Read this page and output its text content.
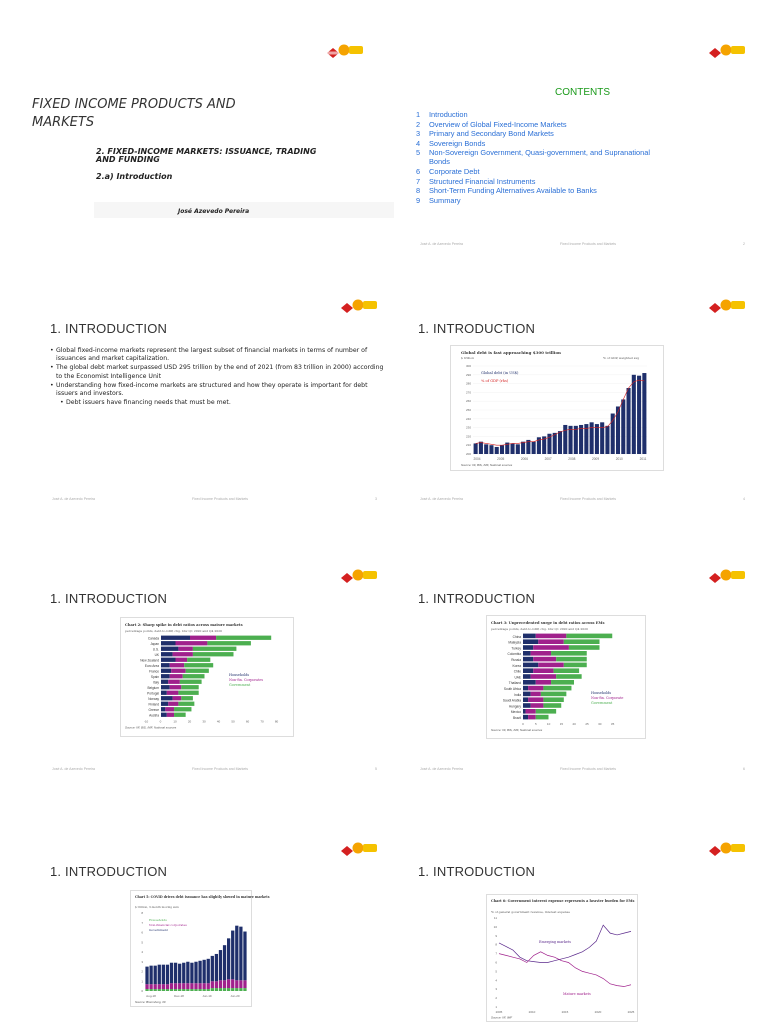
FIXED INCOME PRODUCTS AND MARKETS
2. FIXED-INCOME MARKETS: ISSUANCE, TRADING AND FUNDING
2.a) Introduction
José Azevedo Pereira
CONTENTS
1 Introduction
2 Overview of Global Fixed-Income Markets
3 Primary and Secondary Bond Markets
4 Sovereign Bonds
5 Non-Sovereign Government, Quasi-government, and Supranational Bonds
6 Corporate Debt
7 Structured Financial Instruments
8 Short-Term Funding Alternatives Available to Banks
9 Summary
José A. de Azevedo Pereira	Fixed Income Products and Markets	2
1. INTRODUCTION
• Global fixed-income markets represent the largest subset of financial markets in terms of number of issuances and market capitalization.
• The global debt market surpassed USD 295 trillion by the end of 2021 (from 83 trillion in 2000) according to the Economist Intelligence Unit
• Understanding how fixed-income markets are structured and how they operate is important for debt issuers and investors.
• Debt issuers have financing needs that must be met.
José A. de Azevedo Pereira	Fixed Income Products and Markets	3
1. INTRODUCTION
Global debt is fast approaching $300 trillion
$ trillion	% of GDP, weighted avg
200
210
220
230
240
250
260
270
280
290
300
Global debt (in US$)
% of GDP (rhs)
2004	2005	2006	2007	2008	2009	2010	2011
Source: IIF, BIS, IMF, National sources
José A. de Azevedo Pereira	Fixed Income Products and Markets	4
1. INTRODUCTION
Chart 2: Sharp spike in debt ratios across mature markets
percentage points, debt-to-GDP, chg. btw Q1 2020 and Q4 2020
Canada
Japan
U.S.
UK
New Zealand
Euro Area
France
Spain
Italy
Belgium
Portugal
Norway
Finland
Greece
Austria
Households
Non-fin. Corporates
Government
-10	0	10	20	30	40	50	60	70	80
Source: IIF, BIS, IMF, National sources
José A. de Azevedo Pereira	Fixed Income Products and Markets	5
1. INTRODUCTION
Chart 3: Unprecedented surge in debt ratios across EMs
percentage points, debt-to-GDP, chg. btw Q1 2020 and Q4 2020
China
Malaysia
Turkey
Colombia
Russia
Korea
Chile
UAE
Thailand
South Africa
India
Saudi Arabia
Hungary
Mexico
Brazil
Households
Non-fin. Corporate
Government
0	5	10	15	20	25	30	35
Source: IIF, BIS, IMF, National sources
José A. de Azevedo Pereira	Fixed Income Products and Markets	6
1. INTRODUCTION
Chart 5: COVID drives debt issuance has slightly slowed in mature markets
$ trillion, 3-month moving sum
0
1
2
3
4
5
6
7
8
Households
Non-financial corporates
Government
Aug-18	Dec-18	Jun-19	Jun-20
Source: Bloomberg, IIF
1. INTRODUCTION
Chart 6: Government interest expense represents a heavier burden for EMs
% of general government revenue, interest expense
1
2
3
4
5
6
7
8
9
10
11
Emerging markets
Mature markets
2005	2010	2015	2020	2025
Source: IIF, IMF
